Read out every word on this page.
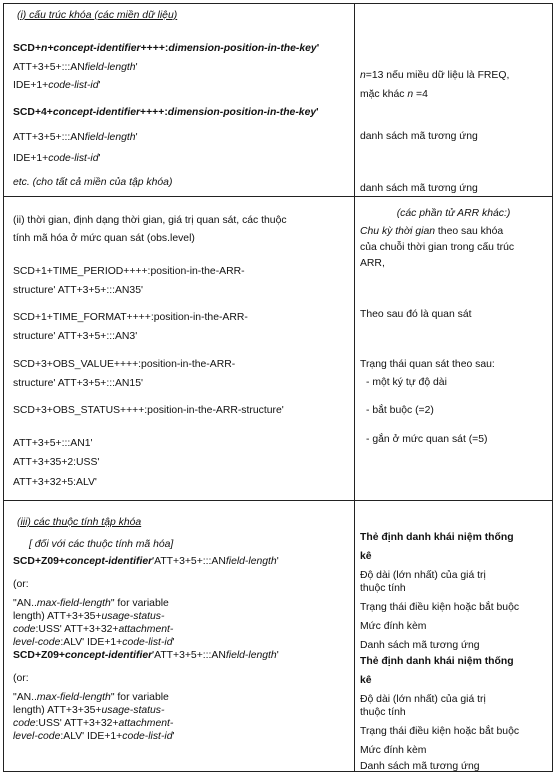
(i) cấu trúc khóa (các miền dữ liệu)
SCD+n+concept-identifier++++:dimension-position-in-the-key'
ATT+3+5+:::ANfield-length'
IDE+1+code-list-id'
SCD+4+concept-identifier++++:dimension-position-in-the-key'
ATT+3+5+:::ANfield-length'
IDE+1+code-list-id'
etc. (cho tất cả miền của tập khóa)
n=13 nếu miều dữ liệu là FREQ,
mặc khác n =4
danh sách mã tương ứng
danh sách mã tương ứng
(ii) thời gian, định dạng thời gian, giá trị quan sát, các thuộc
tính mã hóa ở mức quan sát (obs.level)
SCD+1+TIME_PERIOD++++:position-in-the-ARR-
structure' ATT+3+5+:::AN35'
SCD+1+TIME_FORMAT++++:position-in-the-ARR-
structure' ATT+3+5+:::AN3'
SCD+3+OBS_VALUE++++:position-in-the-ARR-
structure' ATT+3+5+:::AN15'
SCD+3+OBS_STATUS++++:position-in-the-ARR-structure'
ATT+3+5+:::AN1'
ATT+3+35+2:USS'
ATT+3+32+5:ALV'
(các phần tử ARR khác:)
Chu kỳ thời gian theo sau khóa
của chuỗi thời gian trong cấu trúc
ARR,
Theo sau đó là quan sát
Trạng thái quan sát theo sau:
- một ký tự độ dài
- bắt buộc (=2)
- gắn ở mức quan sát (=5)
(iii) các thuộc tính tập khóa
[ đối với các thuộc tính mã hóa]
SCD+Z09+concept-identifier'ATT+3+5+:::ANfield-length'
(or:
"AN..max-field-length" for variable
length) ATT+3+35+usage-status-
code:USS' ATT+3+32+attachment-
level-code:ALV' IDE+1+code-list-id'
SCD+Z09+concept-identifier'ATT+3+5+:::ANfield-length'
(or:
"AN..max-field-length" for variable
length) ATT+3+35+usage-status-
code:USS' ATT+3+32+attachment-
level-code:ALV' IDE+1+code-list-id'
Thẻ định danh khái niệm thống
kê
Độ dài (lớn nhất) của giá trị
thuộc tính
Trạng thái điều kiện hoặc bắt buộc
Mức đính kèm
Danh sách mã tương ứng
Thẻ định danh khái niệm thống
kê
Độ dài (lớn nhất) của giá trị
thuộc tính
Trạng thái điều kiện hoặc bắt buộc
Mức đính kèm
Danh sách mã tương ứng
